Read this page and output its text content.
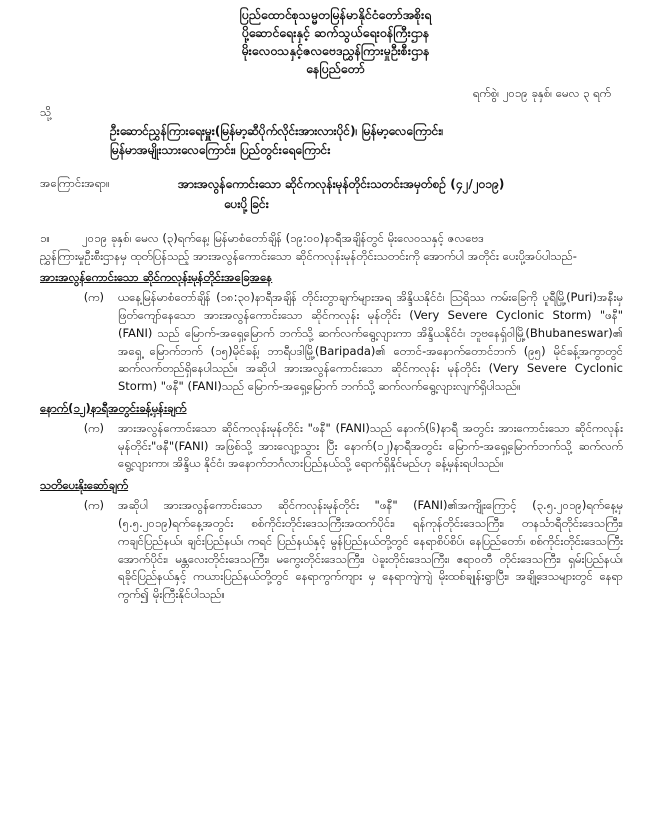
ပြည်ထောင်စုသမ္မတမြန်မာနိုင်ငံတော်အစိုးရ
ပို့ဆောင်ရေးနှင့် ဆက်သွယ်ရေးဝန်ကြီးဌာန
မိုးလေဝသနှင့်ဇလဗေဒညွှန်ကြားမှုဦးစီးဌာန
နေပြည်တော်
ရက်စွဲ၊ ၂၀၁၉ ခုနှစ်၊ မေလ ၃ ရက်
သို့
ဦးဆောင်ညွှန်ကြားရေးမှူး(မြန်မာ့ဆီပိုက်လိုင်းအားလားပိုင်)၊ မြန်မာ့လေကြောင်း၊
မြန်မာအမျိုးသားလေကြောင်း၊ ပြည်တွင်းရေကြောင်း
အကြောင်းအရာ။	အားအလွန်ကောင်းသော ဆိုင်ကလုန်းမုန်တိုင်းသတင်းအမှတ်စဉ် (၄၂/၂၀၁၉)
ပေးပို့ခြင်း
၁။	၂၀၁၉ ခုနှစ်၊ မေလ (၃)ရက်နေ့၊ မြန်မာစံတော်ချိန် (၁၉:၀၀)နာရီအချိန်တွင် မိုးလေဝသနှင့် ဇလဗေဒ
ညွှန်ကြားမှုဦးစီးဌာနမှ ထုတ်ပြန်သည့် အားအလွန်ကောင်းသော ဆိုင်ကလုန်းမုန်တိုင်းသတင်းကို အောက်ပါ အတိုင်း ပေးပို့အပ်ပါသည်-
အားအလွန်ကောင်းသော ဆိုင်ကလုန်းမုန်တိုင်းအခြေအနေ
(က)	ယနေ့မြန်မာစံတော်ချိန် (၁၈:၃၀)နာရီအချိန် တိုင်းတွာချက်များအရ အိန္ဒိယနိုင်ငံ၊ ဩရိဿ ကမ်းခြေကို ပူရီမြို့(Puri)အနီးမှ ဖြတ်ကျော်နေသော အားအလွန်ကောင်းသော ဆိုင်ကလုန်း မုန်တိုင်း (Very Severe Cyclonic Storm) "ဖနီ" (FANI) သည် မြောက်-အရှေ့မြောက် ဘက်သို့ ဆက်လက်ရွေ့လျားကာ အိန္ဒိယနိုင်ငံ၊ ဘူဗနေရှ်ဝါမြို့(Bhubaneswar)၏ အရှေ့ မြောက်ဘက် (၁၅)မိုင်ခန့်၊ ဘာရီပဒါမြို့(Baripada)၏ တောင်-အနောက်တောင်ဘက် (၉၅) မိုင်ခန့်အကွာတွင် ဆက်လက်တည်ရှိနေပါသည်။ အဆိုပါ အားအလွန်ကောင်းသော ဆိုင်ကလုန်း မုန်တိုင်း (Very Severe Cyclonic Storm) "ဖနီ" (FANI)သည် မြောက်-အရှေ့မြောက် ဘက်သို့ ဆက်လက်ရွေ့လျားလျက်ရှိပါသည်။
နောက်(၁၂)နာရီအတွင်းခန့်မှန်းချက်
(က)	အားအလွန်ကောင်းသော ဆိုင်ကလုန်းမုန်တိုင်း "ဖနီ" (FANI)သည် နောက်(၆)နာရီ အတွင်း အားကောင်းသော ဆိုင်ကလုန်းမုန်တိုင်း"ဖနီ"(FANI) အဖြစ်သို့ အားလျော့သွား ပြီး နောက်(၁၂)နာရီအတွင်း မြောက်-အရှေ့မြောက်ဘက်သို့ ဆက်လက်ရွေ့လျားကာ၊ အိန္ဒိယ နိုင်ငံ၊ အနောက်ဘင်္ဂလားပြည်နယ်သို့ ရောက်ရှိနိုင်မည်ဟု ခန့်မှန်းရပါသည်။
သတိပေးနိုးဆော်ချက်
(က)	အဆိုပါ အားအလွန်ကောင်းသော ဆိုင်ကလုန်းမုန်တိုင်း "ဖနီ" (FANI)၏အကျိုးကြောင့် (၃.၅.၂၀၁၉)ရက်နေ့မှ (၅.၅.၂၀၁၉)ရက်နေ့အတွင်း စစ်ကိုင်းတိုင်းဒေသကြီးအထက်ပိုင်း၊ ရန်ကုန်တိုင်းဒေသကြီး၊ တနင်္သာရီတိုင်းဒေသကြီး၊ ကချင်ပြည်နယ်၊ ချင်းပြည်နယ်၊ ကရင် ပြည်နယ်နှင့် မွန်ပြည်နယ်တို့တွင် နေရာစိပ်စိပ်၊ နေပြည်တော်၊ စစ်ကိုင်းတိုင်းဒေသကြီး အောက်ပိုင်း၊ မန္တလေးတိုင်းဒေသကြီး၊ မကွေးတိုင်းဒေသကြီး၊ ပဲခူးတိုင်းဒေသကြီး၊ ဧရာဝတီ တိုင်းဒေသကြီး၊ ရှမ်းပြည်နယ်၊ ရခိုင်ပြည်နယ်နှင့် ကယားပြည်နယ်တို့တွင် နေရာကွက်ကျား မှ နေရာကျဲကျဲ မိုးထစ်ချုန်းရွာပြီး၊ အချို့ဒေသများတွင် နေရာကွက်၍ မိုးကြီးနိုင်ပါသည်။
